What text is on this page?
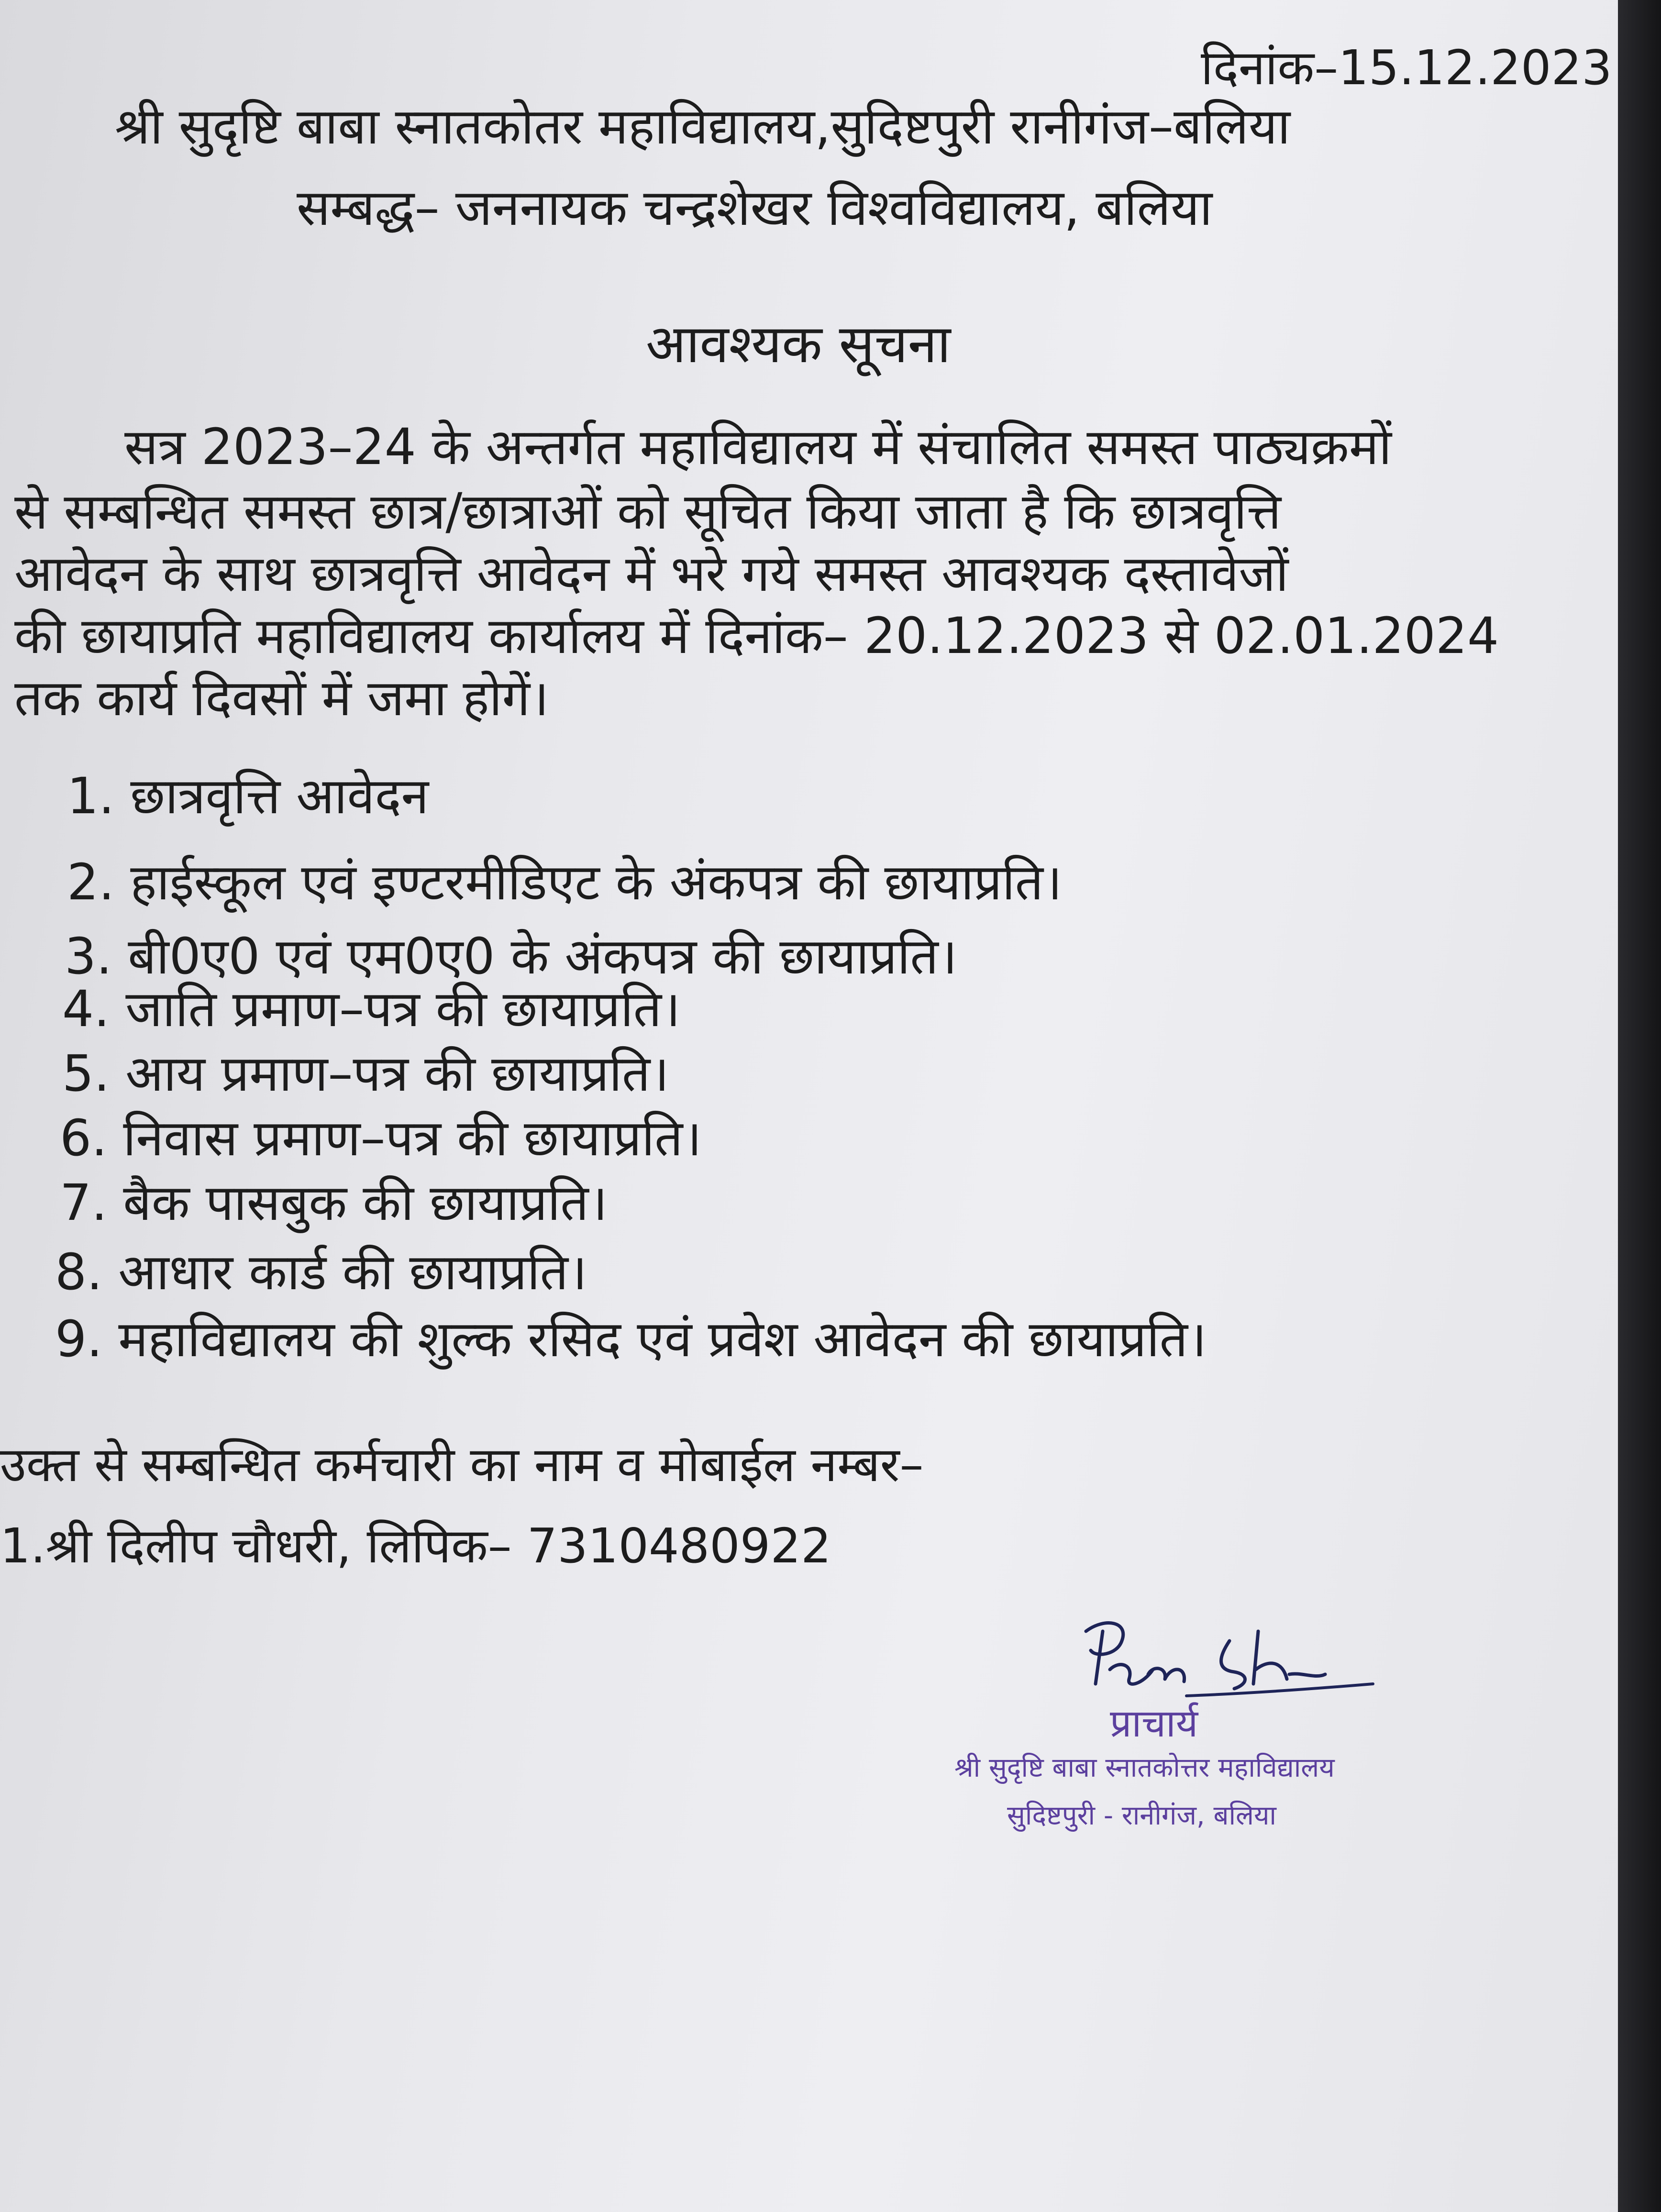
दिनांक–15.12.2023
श्री सुदृष्टि बाबा स्नातकोतर महाविद्यालय,सुदिष्टपुरी रानीगंज–बलिया
सम्बद्ध– जननायक चन्द्रशेखर विश्वविद्यालय, बलिया
आवश्यक सूचना
सत्र 2023–24 के अन्तर्गत महाविद्यालय में संचालित समस्त पाठ्यक्रमों
से सम्बन्धित समस्त छात्र/छात्राओं को सूचित किया जाता है कि छात्रवृत्ति
आवेदन के साथ छात्रवृत्ति आवेदन में भरे गये समस्त आवश्यक दस्तावेजों
की छायाप्रति महाविद्यालय कार्यालय में दिनांक– 20.12.2023 से 02.01.2024
तक कार्य दिवसों में जमा होगें।
1. छात्रवृत्ति आवेदन
2. हाईस्कूल एवं इण्टरमीडिएट के अंकपत्र की छायाप्रति।
3. बी0ए0 एवं एम0ए0 के अंकपत्र की छायाप्रति।
4. जाति प्रमाण–पत्र की छायाप्रति।
5. आय प्रमाण–पत्र की छायाप्रति।
6. निवास प्रमाण–पत्र की छायाप्रति।
7. बैक पासबुक की छायाप्रति।
8. आधार कार्ड की छायाप्रति।
9. महाविद्यालय की शुल्क रसिद एवं प्रवेश आवेदन की छायाप्रति।
उक्त से सम्बन्धित कर्मचारी का नाम व मोबाईल नम्बर–
1.श्री दिलीप चौधरी, लिपिक– 7310480922
प्राचार्य
श्री सुदृष्टि बाबा स्नातकोत्तर महाविद्यालय
सुदिष्टपुरी - रानीगंज, बलिया
